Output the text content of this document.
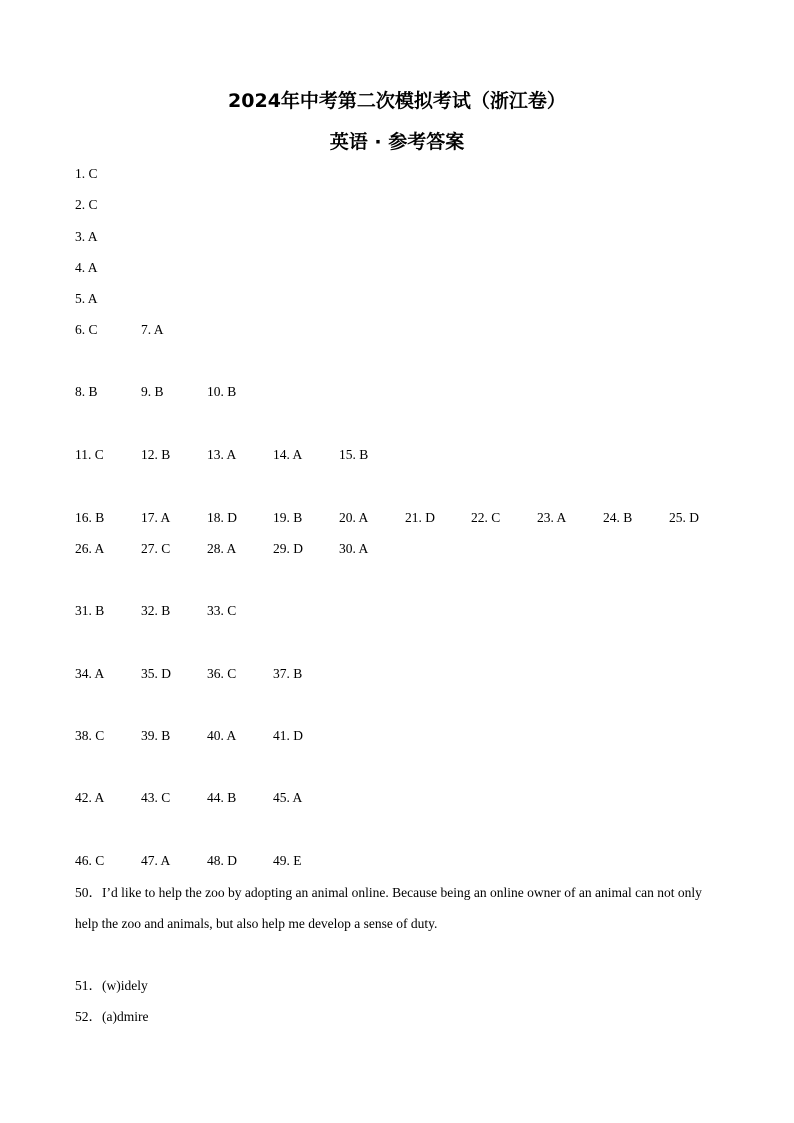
2024年中考第二次模拟考试（浙江卷）
英语 · 参考答案
1. C
2. C
3. A
4. A
5. A
6. C	7. A
8. B	9. B	10. B
11. C	12. B	13. A	14. A	15. B
16. B	17. A	18. D	19. B	20. A	21. D	22. C	23. A	24. B	25. D
26. A	27. C	28. A	29. D	30. A
31. B	32. B	33. C
34. A	35. D	36. C	37. B
38. C	39. B	40. A	41. D
42. A	43. C	44. B	45. A
46. C	47. A	48. D	49. E
50．I’d like to help the zoo by adopting an animal online. Because being an online owner of an animal can not only help the zoo and animals, but also help me develop a sense of duty.
51．(w)idely
52．(a)dmire
